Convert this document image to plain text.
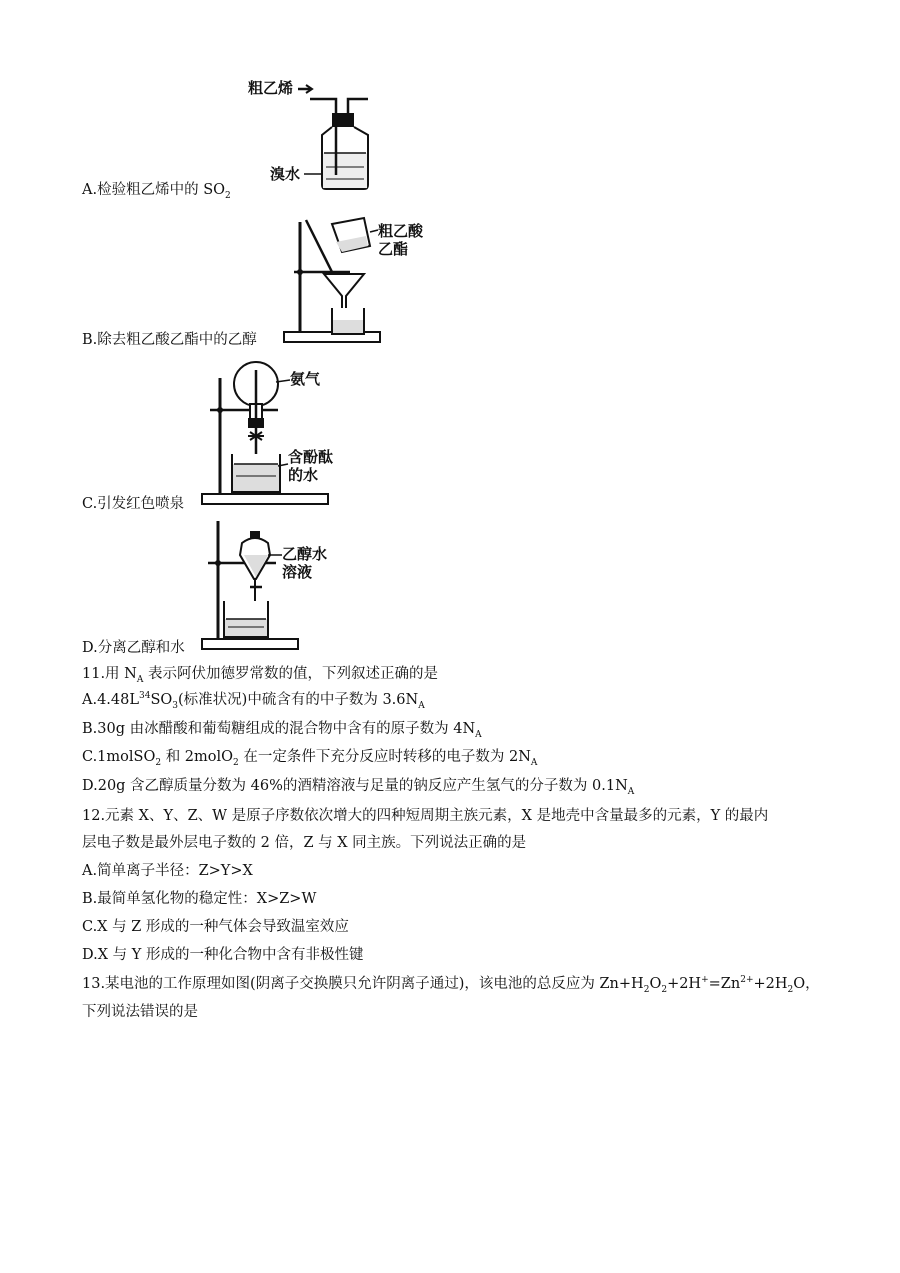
粗乙烯
溴水
A.检验粗乙烯中的 $SO_2$
粗乙酸
乙酯
B.除去粗乙酸乙酯中的乙醇
氨气
含酚酞
的水
C.引发红色喷泉
乙醇水
溶液
D.分离乙醇和水
11.用 $N_A$ 表示阿伏加德罗常数的值，下列叙述正确的是
$A.4.48L^{34}SO_3$(标准状况)中硫含有的中子数为 $3.6N_A$
B.30g 由冰醋酸和葡萄糖组成的混合物中含有的原子数为 $4N_A$
C.1molSO$_2$ 和 2molO$_2$ 在一定条件下充分反应时转移的电子数为 $2N_A$
D.20g 含乙醇质量分数为 46%的酒精溶液与足量的钠反应产生氢气的分子数为 $0.1N_A$
12.元素 X、Y、Z、W 是原子序数依次增大的四种短周期主族元素，X 是地壳中含量最多的元素，Y 的最内
层电子数是最外层电子数的 2 倍，Z 与 X 同主族。下列说法正确的是
A.简单离子半径：Z>Y>X
B.最简单氢化物的稳定性：X>Z>W
C.X 与 Z 形成的一种气体会导致温室效应
D.X 与 Y 形成的一种化合物中含有非极性键
13.某电池的工作原理如图(阴离子交换膜只允许阴离子通过)，该电池的总反应为 $Zn+H_2O_2+2H^+=Zn^{2+}+2H_2O$，
下列说法错误的是
